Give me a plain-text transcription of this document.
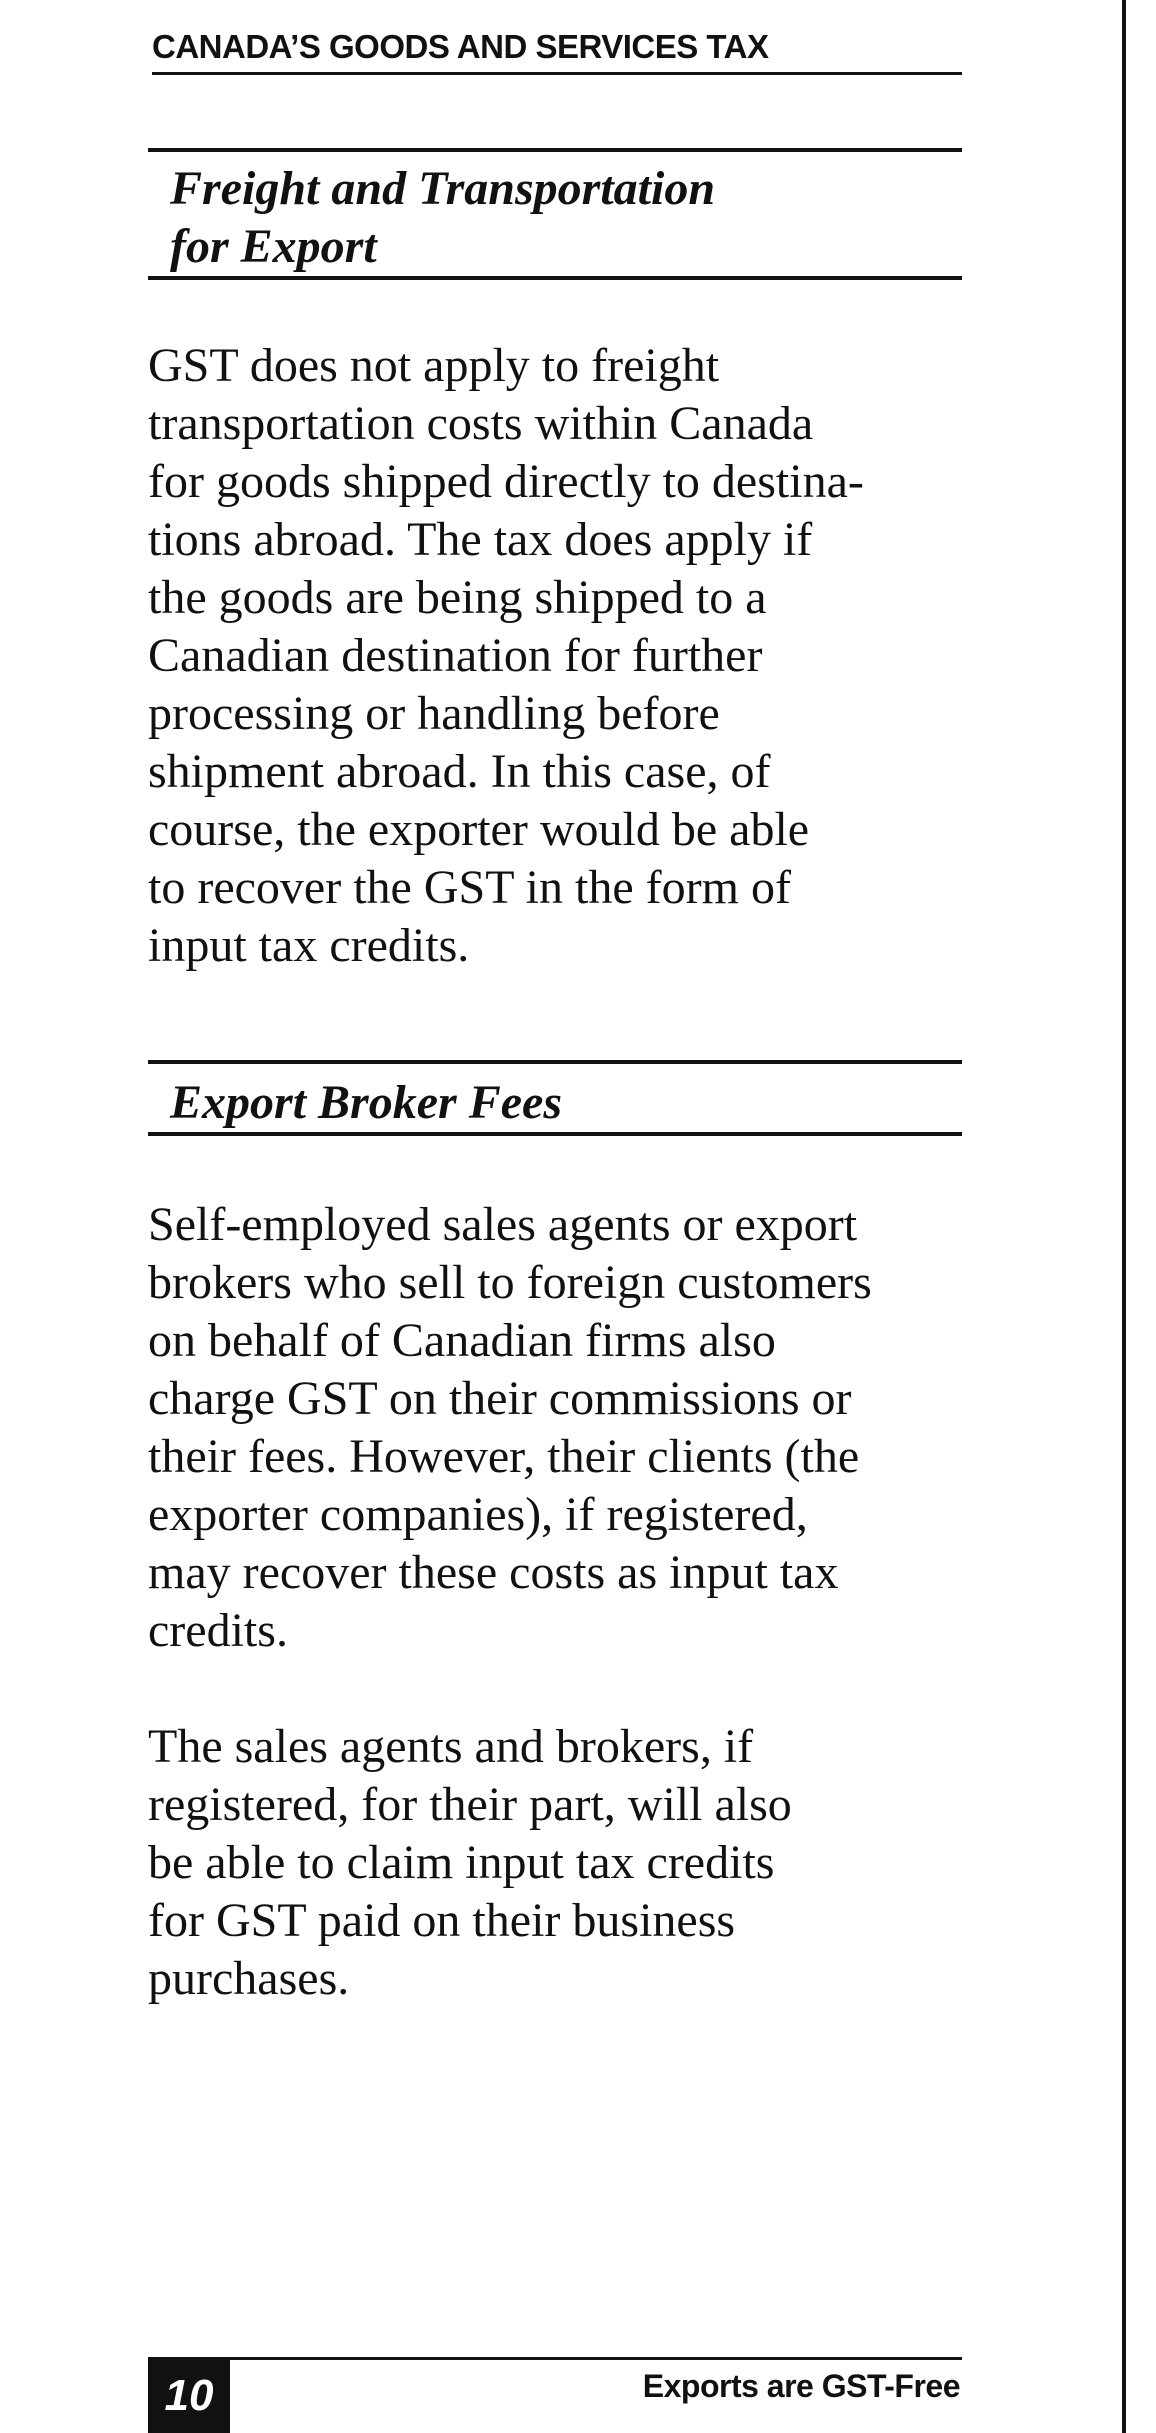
CANADA’S GOODS AND SERVICES TAX
Freight and Transportation
for Export
GST does not apply to freight
transportation costs within Canada
for goods shipped directly to destina-
tions abroad. The tax does apply if
the goods are being shipped to a
Canadian destination for further
processing or handling before
shipment abroad. In this case, of
course, the exporter would be able
to recover the GST in the form of
input tax credits.
Export Broker Fees
Self-employed sales agents or export
brokers who sell to foreign customers
on behalf of Canadian firms also
charge GST on their commissions or
their fees. However, their clients (the
exporter companies), if registered,
may recover these costs as input tax
credits.
The sales agents and brokers, if
registered, for their part, will also
be able to claim input tax credits
for GST paid on their business
purchases.
10	Exports are GST-Free
